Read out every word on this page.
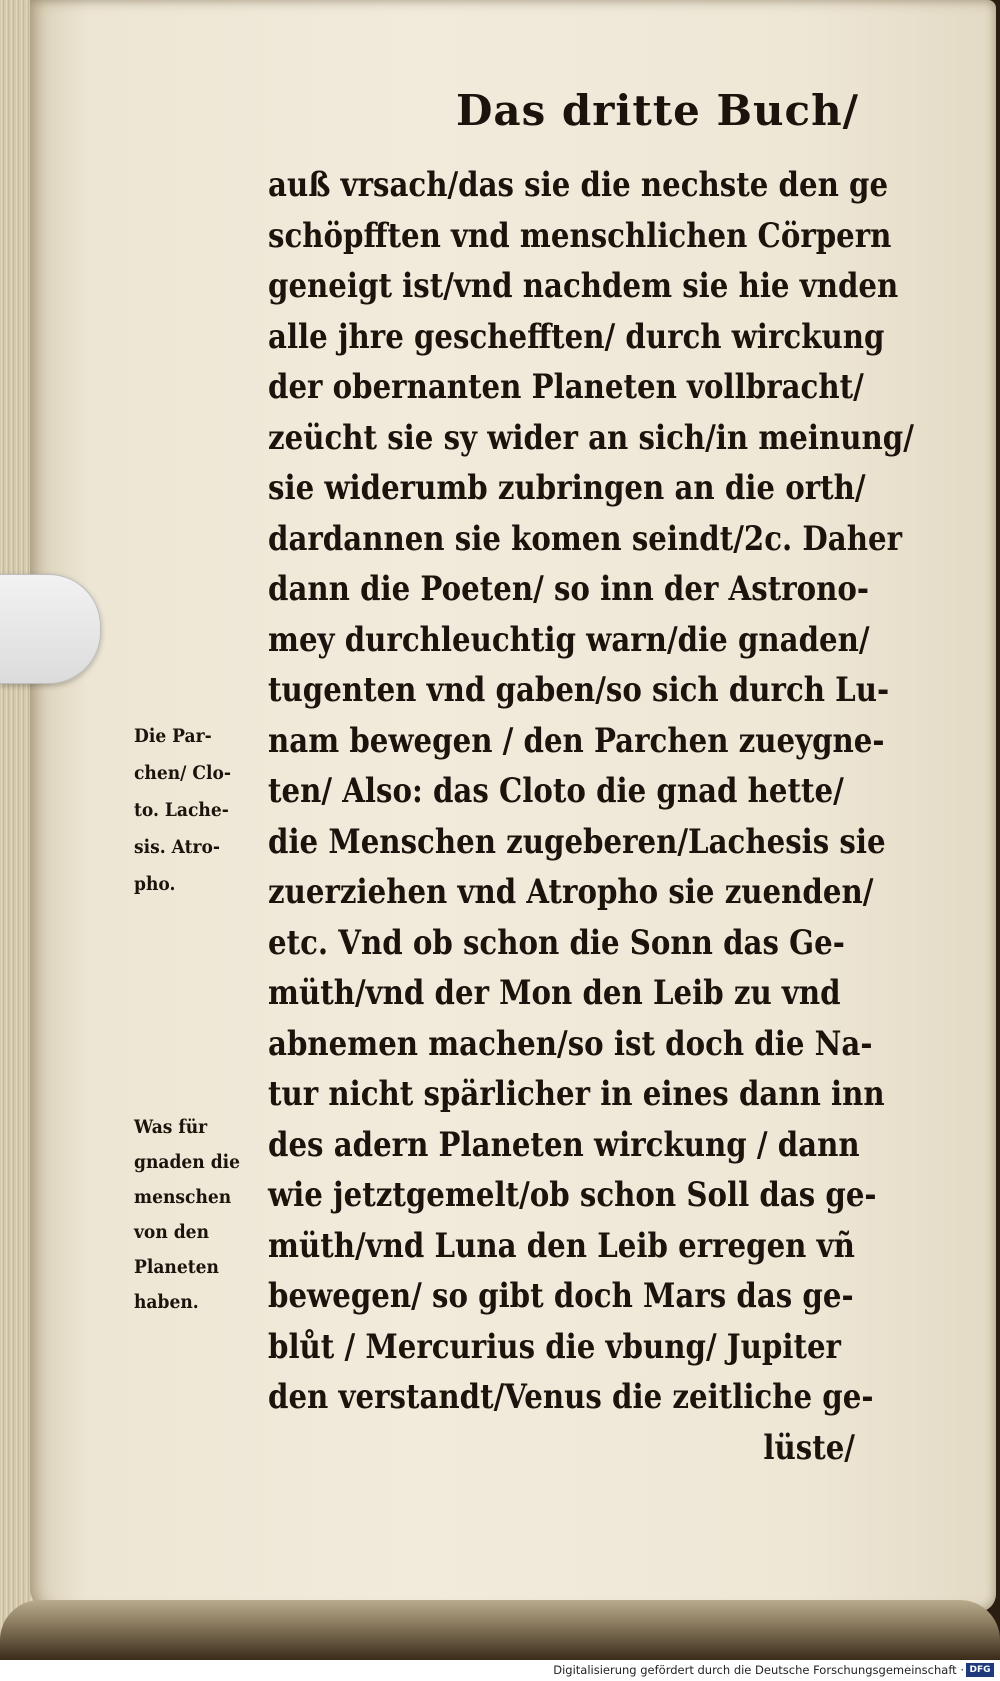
Das dritte Buch/
auß vrsach/das sie die nechste den ge
schöpfften vnd menschlichen Cörpern
geneigt ist/vnd nachdem sie hie vnden
alle jhre geschefften/ durch wirckung
der obernanten Planeten vollbracht/
zeücht sie sy wider an sich/in meinung/
sie widerumb zubringen an die orth/
dardannen sie komen seindt/2c. Daher
dann die Poeten/ so inn der Astrono-
mey durchleuchtig warn/die gnaden/
tugenten vnd gaben/so sich durch Lu-
nam bewegen / den Parchen zueygne-
ten/ Also: das Cloto die gnad hette/
die Menschen zugeberen/Lachesis sie
zuerziehen vnd Atropho sie zuenden/
etc. Vnd ob schon die Sonn das Ge-
müth/vnd der Mon den Leib zu vnd
abnemen machen/so ist doch die Na-
tur nicht spärlicher in eines dann inn
des adern Planeten wirckung / dann
wie jetztgemelt/ob schon Soll das ge-
müth/vnd Luna den Leib erregen vñ
bewegen/ so gibt doch Mars das ge-
blůt / Mercurius die vbung/ Jupiter
den verstandt/Venus die zeitliche ge-
lüste/
Die Par-
chen/ Clo-
to. Lache-
sis. Atro-
pho.
Was für
gnaden die
menschen
von den
Planeten
haben.
Digitalisierung gefördert durch die Deutsche Forschungsgemeinschaft · DFG
